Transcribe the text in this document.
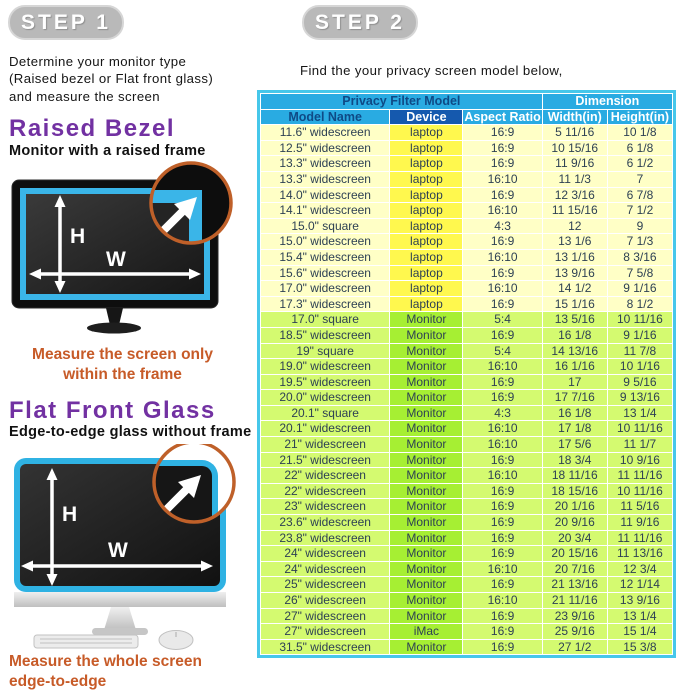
STEP 1
Determine your monitor type (Raised bezel or Flat front glass) and measure the screen
Raised Bezel
Monitor with a raised frame
H
W
Measure the screen only within the frame
Flat Front Glass
Edge-to-edge glass without frame
H
W
Measure the whole screen edge-to-edge
STEP 2
Find the your privacy screen model below,
Privacy Filter Model			Dimension	
Model Name	Device	Aspect Ratio	Width(in)	Height(in)
11.6" widescreen	laptop	16:9	5 11/16	10 1/8
12.5" widescreen	laptop	16:9	10 15/16	6 1/8
13.3" widescreen	laptop	16:9	11 9/16	6 1/2
13.3" widescreen	laptop	16:10	11 1/3	7
14.0" widescreen	laptop	16:9	12 3/16	6 7/8
14.1" widescreen	laptop	16:10	11 15/16	7 1/2
15.0" square	laptop	4:3	12	9
15.0" widescreen	laptop	16:9	13 1/6	7 1/3
15.4" widescreen	laptop	16:10	13 1/16	8 3/16
15.6" widescreen	laptop	16:9	13 9/16	7 5/8
17.0" widescreen	laptop	16:10	14 1/2	9 1/16
17.3" widescreen	laptop	16:9	15 1/16	8 1/2
17.0" square	Monitor	5:4	13 5/16	10 11/16
18.5" widescreen	Monitor	16:9	16 1/8	9 1/16
19" square	Monitor	5:4	14 13/16	11 7/8
19.0" widescreen	Monitor	16:10	16 1/16	10 1/16
19.5" widescreen	Monitor	16:9	17	9 5/16
20.0" widescreen	Monitor	16:9	17 7/16	9 13/16
20.1" square	Monitor	4:3	16 1/8	13 1/4
20.1" widescreen	Monitor	16:10	17 1/8	10 11/16
21" widescreen	Monitor	16:10	17 5/6	11 1/7
21.5" widescreen	Monitor	16:9	18 3/4	10 9/16
22" widescreen	Monitor	16:10	18 11/16	11 11/16
22" widescreen	Monitor	16:9	18 15/16	10 11/16
23" widescreen	Monitor	16:9	20 1/16	11 5/16
23.6" widescreen	Monitor	16:9	20 9/16	11 9/16
23.8" widescreen	Monitor	16:9	20 3/4	11 11/16
24" widescreen	Monitor	16:9	20 15/16	11 13/16
24" widescreen	Monitor	16:10	20 7/16	12 3/4
25" widescreen	Monitor	16:9	21 13/16	12 1/14
26" widescreen	Monitor	16:10	21 11/16	13 9/16
27" widescreen	Monitor	16:9	23 9/16	13 1/4
27" widescreen	iMac	16:9	25 9/16	15 1/4
31.5" widescreen	Monitor	16:9	27 1/2	15 3/8
